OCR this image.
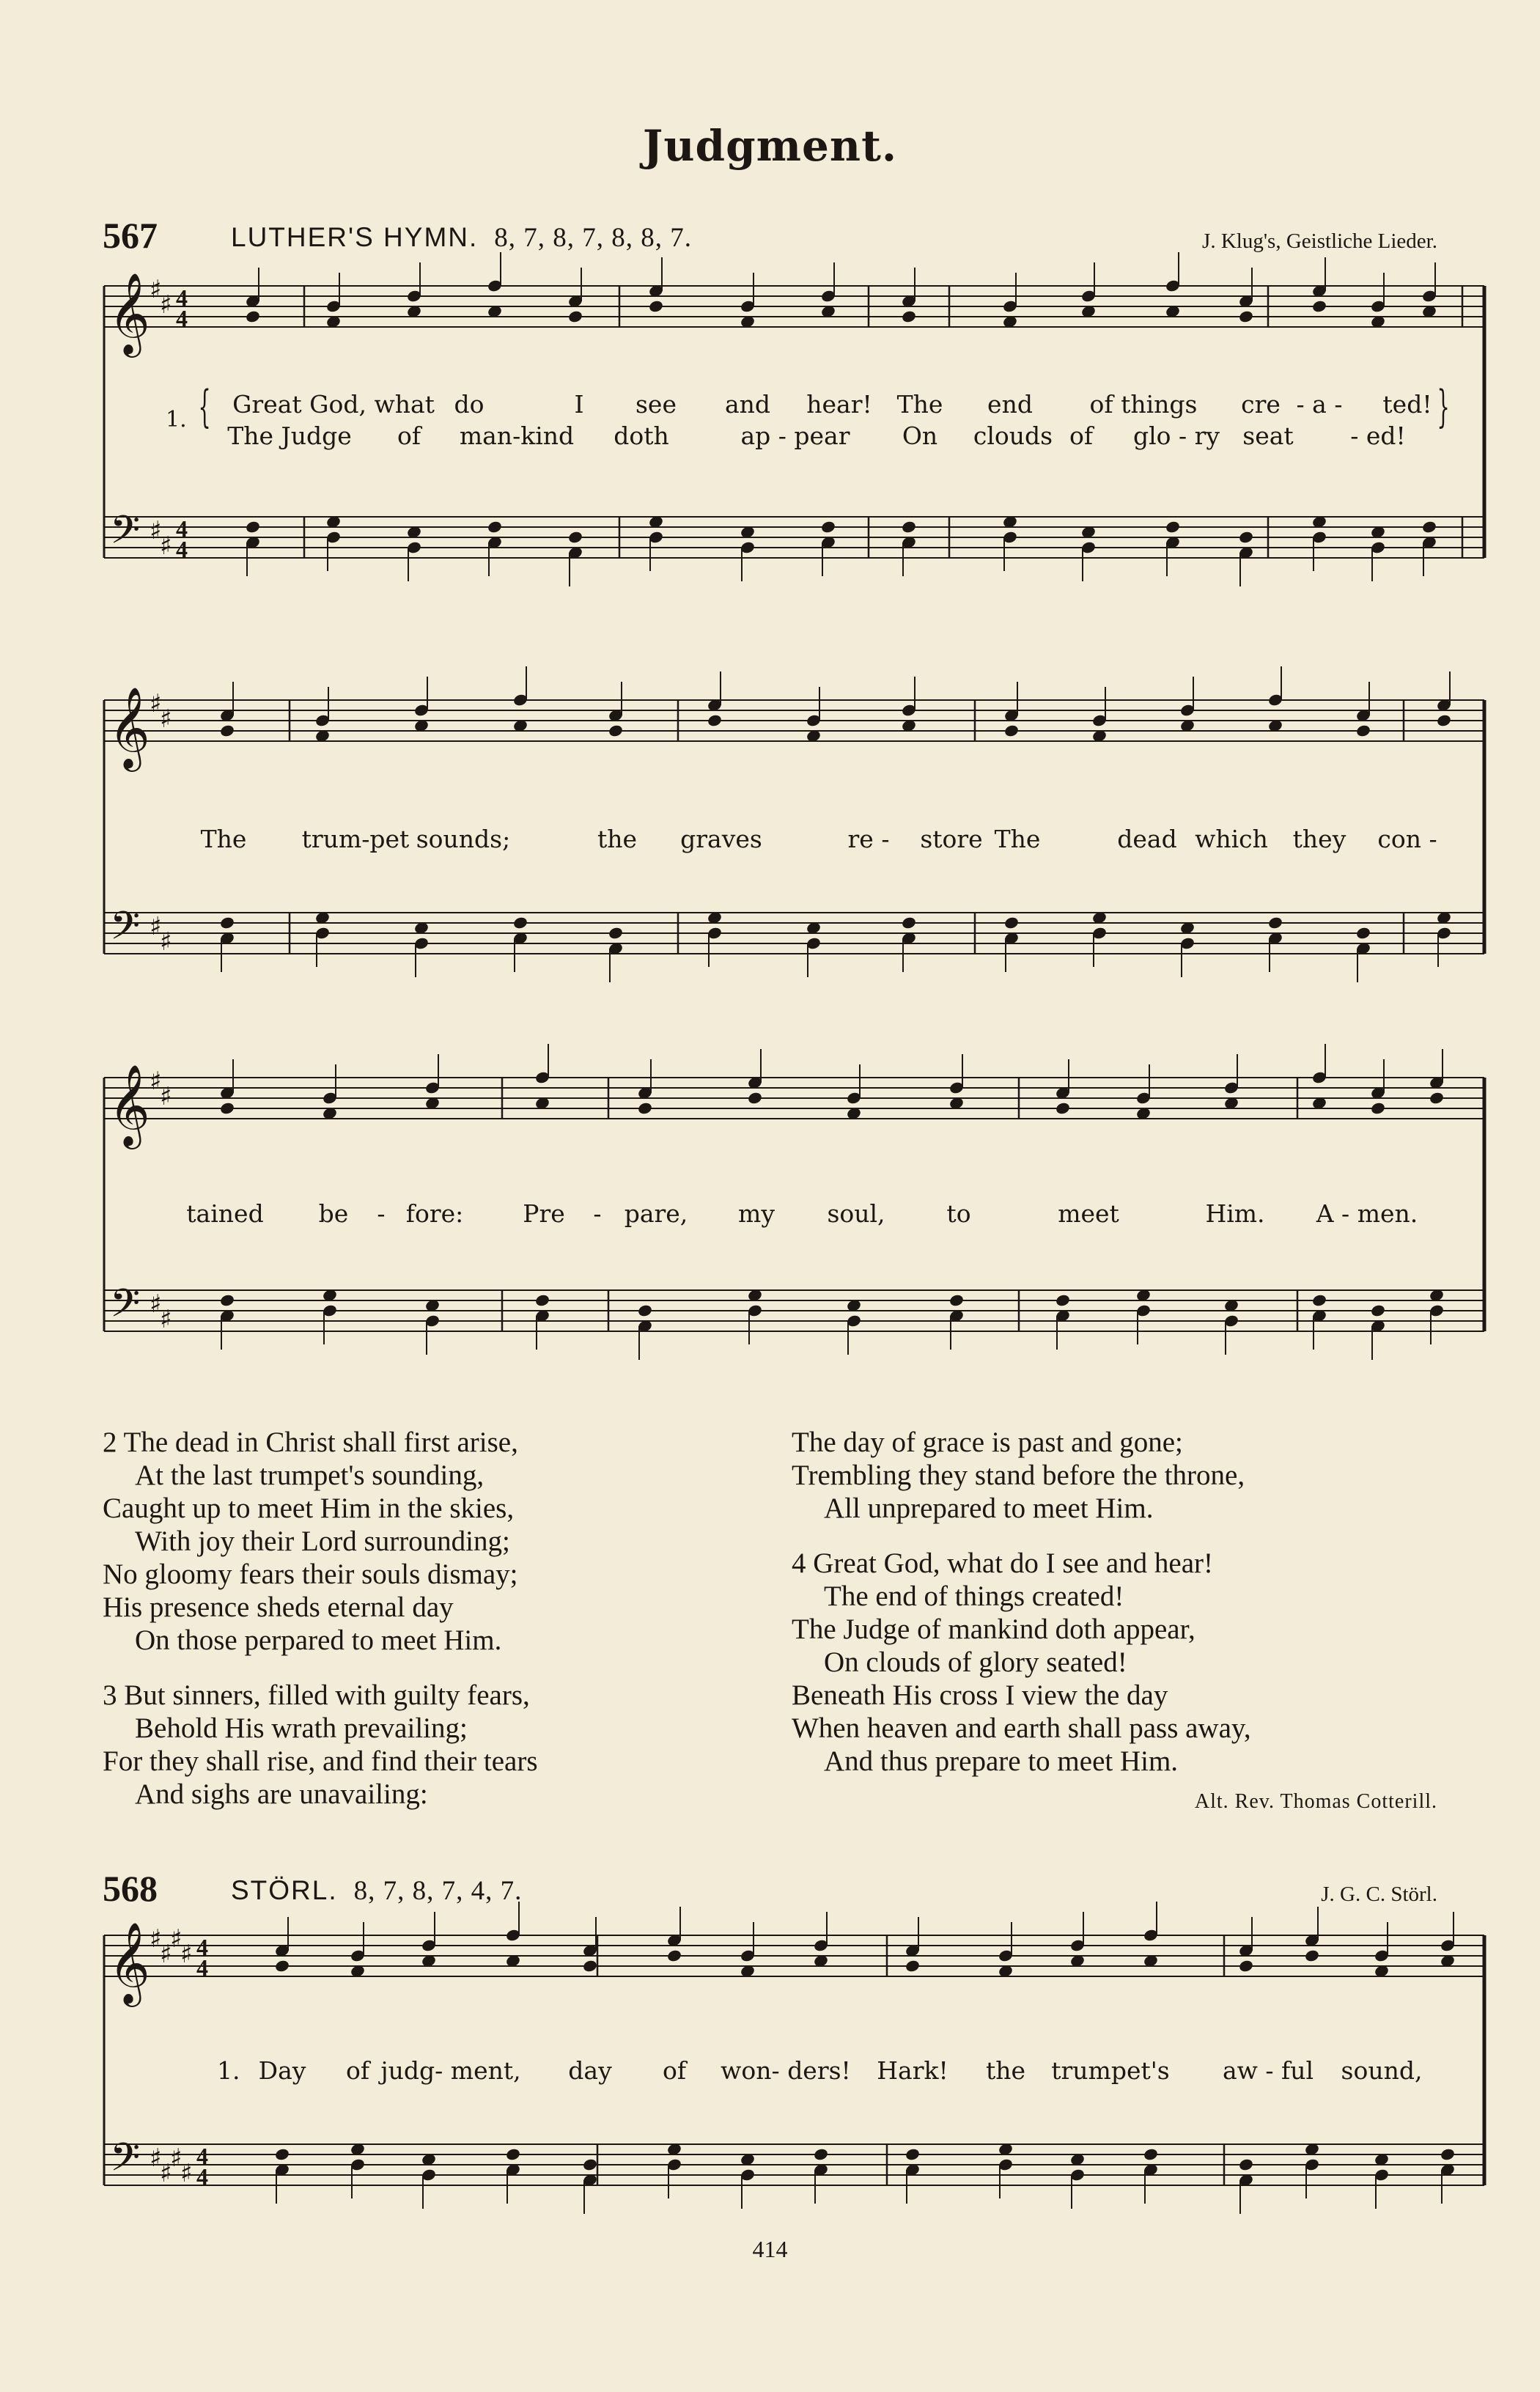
Judgment.
567	LUTHER'S HYMN. 8, 7, 8, 7, 8, 8, 7.	J. Klug's, Geistliche Lieder.
𝄞 ♯
♯ 4
4
𝄢 ♯
♯
4
4
𝄞 ♯
♯
𝄢 ♯
♯
𝄞 ♯
♯
𝄢 ♯
♯
𝄞 ♯
♯
♯
♯ 4
4
𝄢 ♯
♯
♯
♯
4
4
1. {	}
Great God, what do	I see and hear! The end of things cre - a - ted!
The Judge of man-kind doth	ap - pear On clouds of glo - ry seat - ed!
The trum-pet sounds;	the graves	re - store The	dead which they con -
tained be - fore: Pre - pare, my soul,	to	meet	Him. A - men.
2 The dead in Christ shall first arise,
At the last trumpet's sounding,
Caught up to meet Him in the skies,
With joy their Lord surrounding;
No gloomy fears their souls dismay;
His presence sheds eternal day
On those perpared to meet Him.
3 But sinners, filled with guilty fears,
Behold His wrath prevailing;
For they shall rise, and find their tears
And sighs are unavailing:
The day of grace is past and gone;
Trembling they stand before the throne,
All unprepared to meet Him.
4 Great God, what do I see and hear!
The end of things created!
The Judge of mankind doth appear,
On clouds of glory seated!
Beneath His cross I view the day
When heaven and earth shall pass away,
And thus prepare to meet Him.
Alt. Rev. Thomas Cotterill.
568	STÖRL. 8, 7, 8, 7, 4, 7.	J. G. C. Störl.
1. Day of judg- ment, day of won- ders! Hark! the trumpet's aw - ful sound,
414
